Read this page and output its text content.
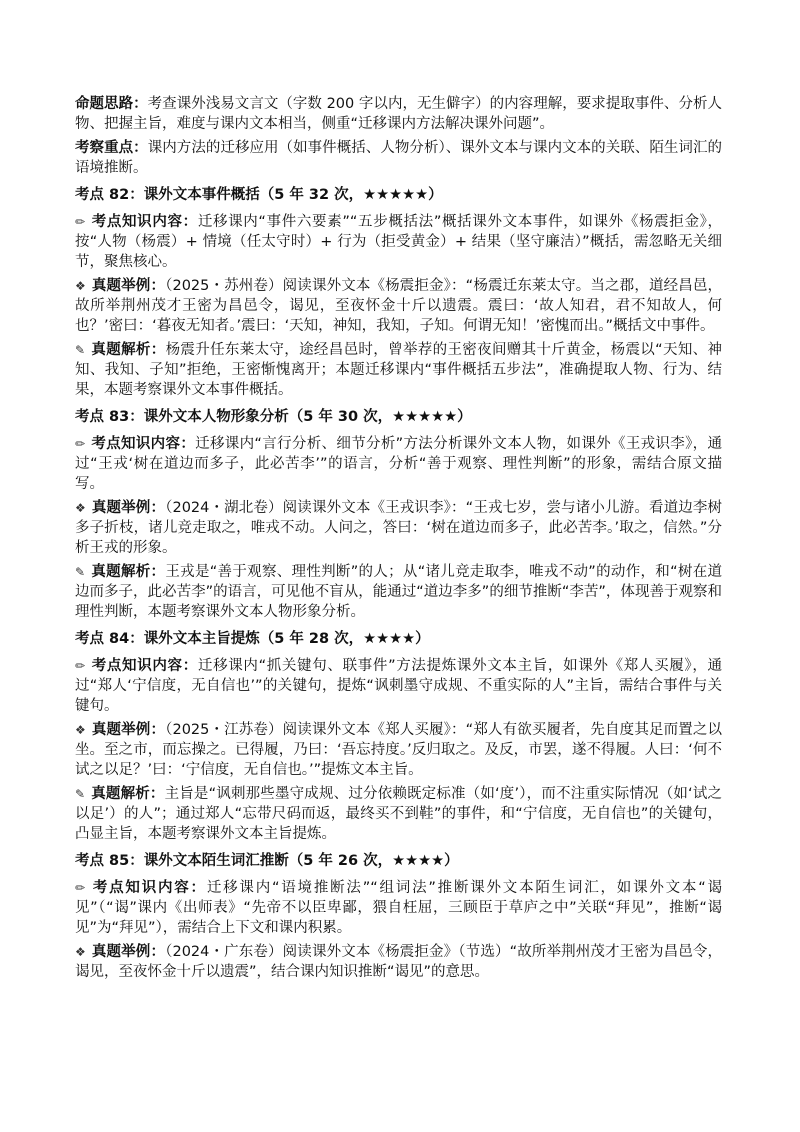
命题思路：考查课外浅易文言文（字数 200 字以内，无生僻字）的内容理解，要求提取事件、分析人物、把握主旨，难度与课内文本相当，侧重“迁移课内方法解决课外问题”。

考察重点：课内方法的迁移应用（如事件概括、人物分析）、课外文本与课内文本的关联、陌生词汇的语境推断。

考点 82：课外文本事件概括（5 年 32 次，★★★★★）

✏ 考点知识内容：迁移课内“事件六要素”“五步概括法”概括课外文本事件，如课外《杨震拒金》，按“人物（杨震）+ 情境（任太守时）+ 行为（拒受黄金）+ 结果（坚守廉洁）”概括，需忽略无关细节，聚焦核心。

❖ 真题举例：（2025・苏州卷）阅读课外文本《杨震拒金》：“杨震迁东莱太守。当之郡，道经昌邑，故所举荆州茂才王密为昌邑令，谒见，至夜怀金十斤以遗震。震曰：‘故人知君，君不知故人，何也？’密曰：‘暮夜无知者。’震曰：‘天知，神知，我知，子知。何谓无知！’密愧而出。”概括文中事件。

✎ 真题解析：杨震升任东莱太守，途经昌邑时，曾举荐的王密夜间赠其十斤黄金，杨震以“天知、神知、我知、子知”拒绝，王密惭愧离开；本题迁移课内“事件概括五步法”，准确提取人物、行为、结果，本题考察课外文本事件概括。

考点 83：课外文本人物形象分析（5 年 30 次，★★★★★）

✏ 考点知识内容：迁移课内“言行分析、细节分析”方法分析课外文本人物，如课外《王戎识李》，通过“王戎‘树在道边而多子，此必苦李’”的语言，分析“善于观察、理性判断”的形象，需结合原文描写。

❖ 真题举例：（2024・湖北卷）阅读课外文本《王戎识李》：“王戎七岁，尝与诸小儿游。看道边李树多子折枝，诸儿竞走取之，唯戎不动。人问之，答曰：‘树在道边而多子，此必苦李。’取之，信然。”分析王戎的形象。

✎ 真题解析：王戎是“善于观察、理性判断”的人；从“诸儿竞走取李，唯戎不动”的动作，和“树在道边而多子，此必苦李”的语言，可见他不盲从，能通过“道边李多”的细节推断“李苦”，体现善于观察和理性判断，本题考察课外文本人物形象分析。

考点 84：课外文本主旨提炼（5 年 28 次，★★★★）

✏ 考点知识内容：迁移课内“抓关键句、联事件”方法提炼课外文本主旨，如课外《郑人买履》，通过“郑人‘宁信度，无自信也’”的关键句，提炼“讽刺墨守成规、不重实际的人”主旨，需结合事件与关键句。

❖ 真题举例：（2025・江苏卷）阅读课外文本《郑人买履》：“郑人有欲买履者，先自度其足而置之以坐。至之市，而忘操之。已得履，乃曰：‘吾忘持度。’反归取之。及反，市罢，遂不得履。人曰：‘何不试之以足？’曰：‘宁信度，无自信也。’”提炼文本主旨。

✎ 真题解析：主旨是“讽刺那些墨守成规、过分依赖既定标准（如‘度’），而不注重实际情况（如‘试之以足’）的人”；通过郑人“忘带尺码而返，最终买不到鞋”的事件，和“宁信度，无自信也”的关键句，凸显主旨，本题考察课外文本主旨提炼。

考点 85：课外文本陌生词汇推断（5 年 26 次，★★★★）

✏ 考点知识内容：迁移课内“语境推断法”“组词法”推断课外文本陌生词汇，如课外文本“谒见”（“谒”课内《出师表》“先帝不以臣卑鄙，猥自枉屈，三顾臣于草庐之中”关联“拜见”，推断“谒见”为“拜见”），需结合上下文和课内积累。

❖ 真题举例：（2024・广东卷）阅读课外文本《杨震拒金》（节选）“故所举荆州茂才王密为昌邑令，谒见，至夜怀金十斤以遗震”，结合课内知识推断“谒见”的意思。
